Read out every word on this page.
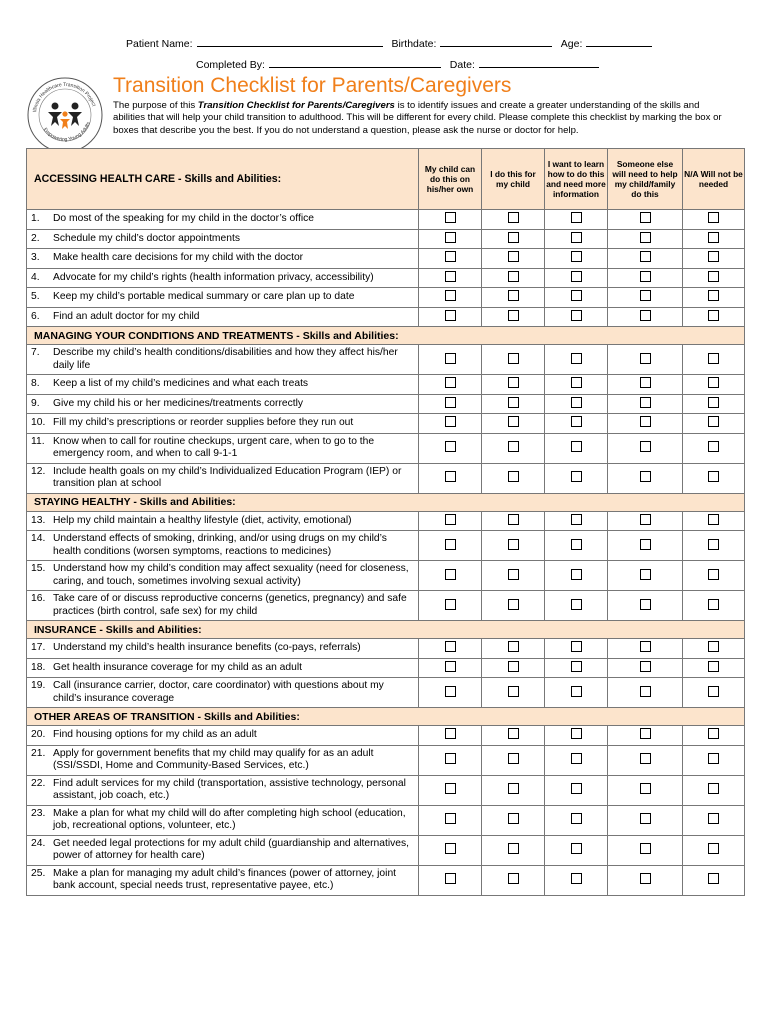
Patient Name:	Birthdate:	Age:
Completed By:	Date:
Illinois Healthcare Transition Project
Empowering Young Adults
Transition Checklist for Parents/Caregivers
The purpose of this Transition Checklist for Parents/Caregivers is to identify issues and create a greater understanding of the skills and abilities that will help your child transition to adulthood. This will be different for every child. Please complete this checklist by marking the box or boxes that describe you the best. If you do not understand a question, please ask the nurse or doctor for help.
ACCESSING HEALTH CARE - Skills and Abilities:	My child can do this on his/her own	I do this for my child	I want to learn how to do this and need more information	Someone else will need to help my child/family do this	N/A Will not be needed
1. Do most of the speaking for my child in the doctor’s office					
2. Schedule my child’s doctor appointments					
3. Make health care decisions for my child with the doctor					
4. Advocate for my child’s rights (health information privacy, accessibility)					
5. Keep my child’s portable medical summary or care plan up to date					
6. Find an adult doctor for my child					
MANAGING YOUR CONDITIONS AND TREATMENTS - Skills and Abilities:					
7. Describe my child’s health conditions/disabilities and how they affect his/her daily life					
8. Keep a list of my child’s medicines and what each treats					
9. Give my child his or her medicines/treatments correctly					
10. Fill my child’s prescriptions or reorder supplies before they run out					
11. Know when to call for routine checkups, urgent care, when to go to the emergency room, and when to call 9-1-1					
12. Include health goals on my child’s Individualized Education Program (IEP) or transition plan at school					
STAYING HEALTHY - Skills and Abilities:					
13. Help my child maintain a healthy lifestyle (diet, activity, emotional)					
14. Understand effects of smoking, drinking, and/or using drugs on my child’s health conditions (worsen symptoms, reactions to medicines)					
15. Understand how my child’s condition may affect sexuality (need for closeness, caring, and touch, sometimes involving sexual activity)					
16. Take care of or discuss reproductive concerns (genetics, pregnancy) and safe practices (birth control, safe sex) for my child					
INSURANCE - Skills and Abilities:					
17. Understand my child’s health insurance benefits (co-pays, referrals)					
18. Get health insurance coverage for my child as an adult					
19. Call (insurance carrier, doctor, care coordinator) with questions about my child’s insurance coverage					
OTHER AREAS OF TRANSITION - Skills and Abilities:					
20. Find housing options for my child as an adult					
21. Apply for government benefits that my child may qualify for as an adult (SSI/SSDI, Home and Community-Based Services, etc.)					
22. Find adult services for my child (transportation, assistive technology, personal assistant, job coach, etc.)					
23. Make a plan for what my child will do after completing high school (education, job, recreational options, volunteer, etc.)					
24. Get needed legal protections for my adult child (guardianship and alternatives, power of attorney for health care)					
25. Make a plan for managing my adult child’s finances (power of attorney, joint bank account, special needs trust, representative payee, etc.)					
